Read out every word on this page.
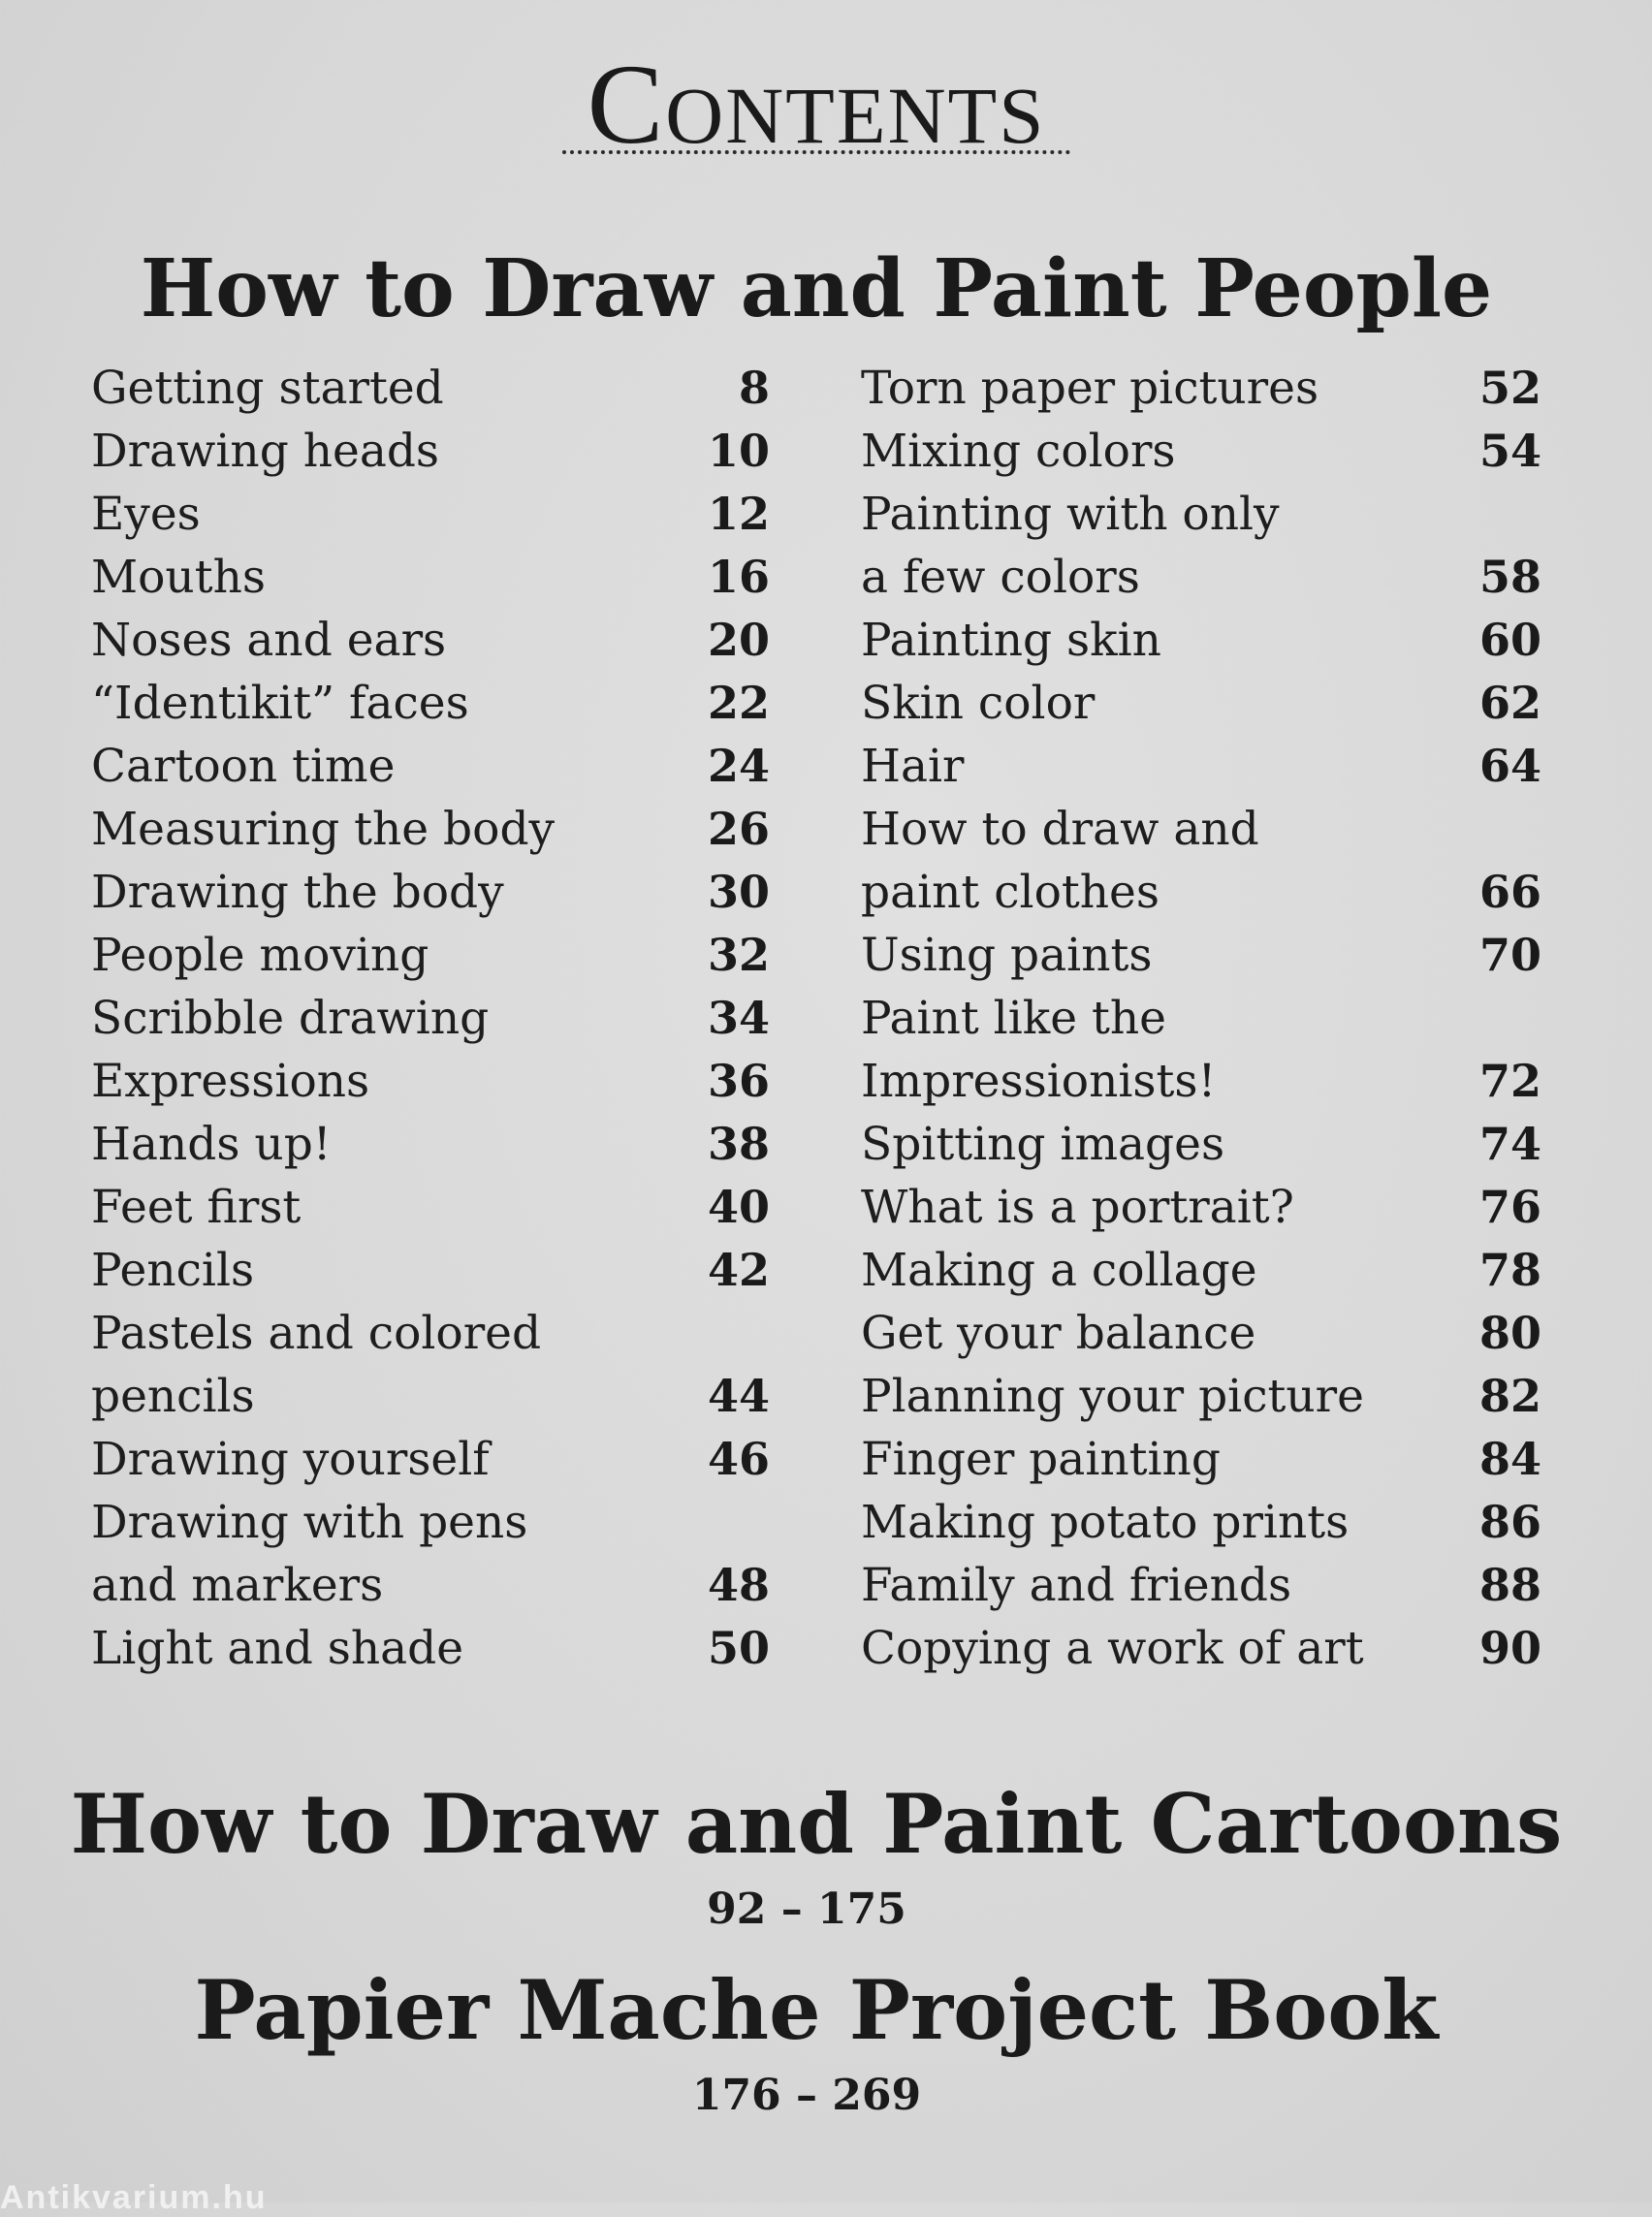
Contents
How to Draw and Paint People
Getting started	8
Drawing heads	10
Eyes	12
Mouths	16
Noses and ears	20
“Identikit” faces	22
Cartoon time	24
Measuring the body	26
Drawing the body	30
People moving	32
Scribble drawing	34
Expressions	36
Hands up!	38
Feet first	40
Pencils	42
Pastels and colored
pencils	44
Drawing yourself	46
Drawing with pens
and markers	48
Light and shade	50
Torn paper pictures	52
Mixing colors	54
Painting with only
a few colors	58
Painting skin	60
Skin color	62
Hair	64
How to draw and
paint clothes	66
Using paints	70
Paint like the
Impressionists!	72
Spitting images	74
What is a portrait?	76
Making a collage	78
Get your balance	80
Planning your picture	82
Finger painting	84
Making potato prints	86
Family and friends	88
Copying a work of art	90
How to Draw and Paint Cartoons
92 – 175
Papier Mache Project Book
176 – 269
Antikvarium.hu
